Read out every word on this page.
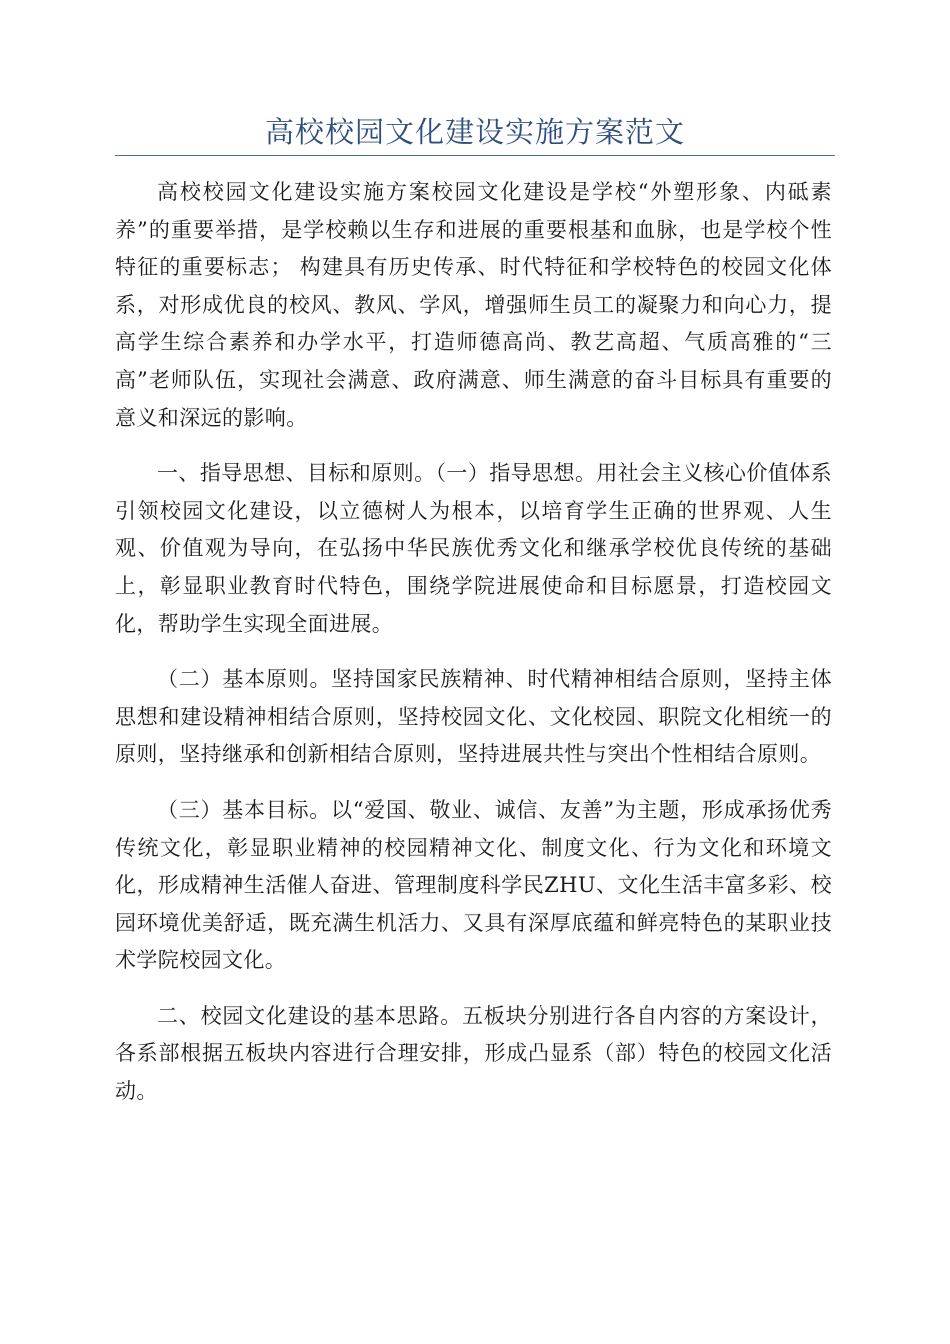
高校校园文化建设实施方案范文

高校校园文化建设实施方案校园文化建设是学校“外塑形象、内砥素养”的重要举措，是学校赖以生存和进展的重要根基和血脉，也是学校个性特征的重要标志； 构建具有历史传承、时代特征和学校特色的校园文化体系，对形成优良的校风、教风、学风，增强师生员工的凝聚力和向心力，提高学生综合素养和办学水平，打造师德高尚、教艺高超、气质高雅的“三高”老师队伍，实现社会满意、政府满意、师生满意的奋斗目标具有重要的意义和深远的影响。

一、指导思想、目标和原则。（一）指导思想。用社会主义核心价值体系引领校园文化建设，以立德树人为根本，以培育学生正确的世界观、人生观、价值观为导向，在弘扬中华民族优秀文化和继承学校优良传统的基础上，彰显职业教育时代特色，围绕学院进展使命和目标愿景，打造校园文化，帮助学生实现全面进展。

（二）基本原则。坚持国家民族精神、时代精神相结合原则，坚持主体思想和建设精神相结合原则，坚持校园文化、文化校园、职院文化相统一的原则，坚持继承和创新相结合原则，坚持进展共性与突出个性相结合原则。

（三）基本目标。以“爱国、敬业、诚信、友善”为主题，形成承扬优秀传统文化，彰显职业精神的校园精神文化、制度文化、行为文化和环境文化，形成精神生活催人奋进、管理制度科学民ZHU、文化生活丰富多彩、校园环境优美舒适，既充满生机活力、又具有深厚底蕴和鲜亮特色的某职业技术学院校园文化。

二、校园文化建设的基本思路。五板块分别进行各自内容的方案设计，各系部根据五板块内容进行合理安排，形成凸显系（部）特色的校园文化活动。
